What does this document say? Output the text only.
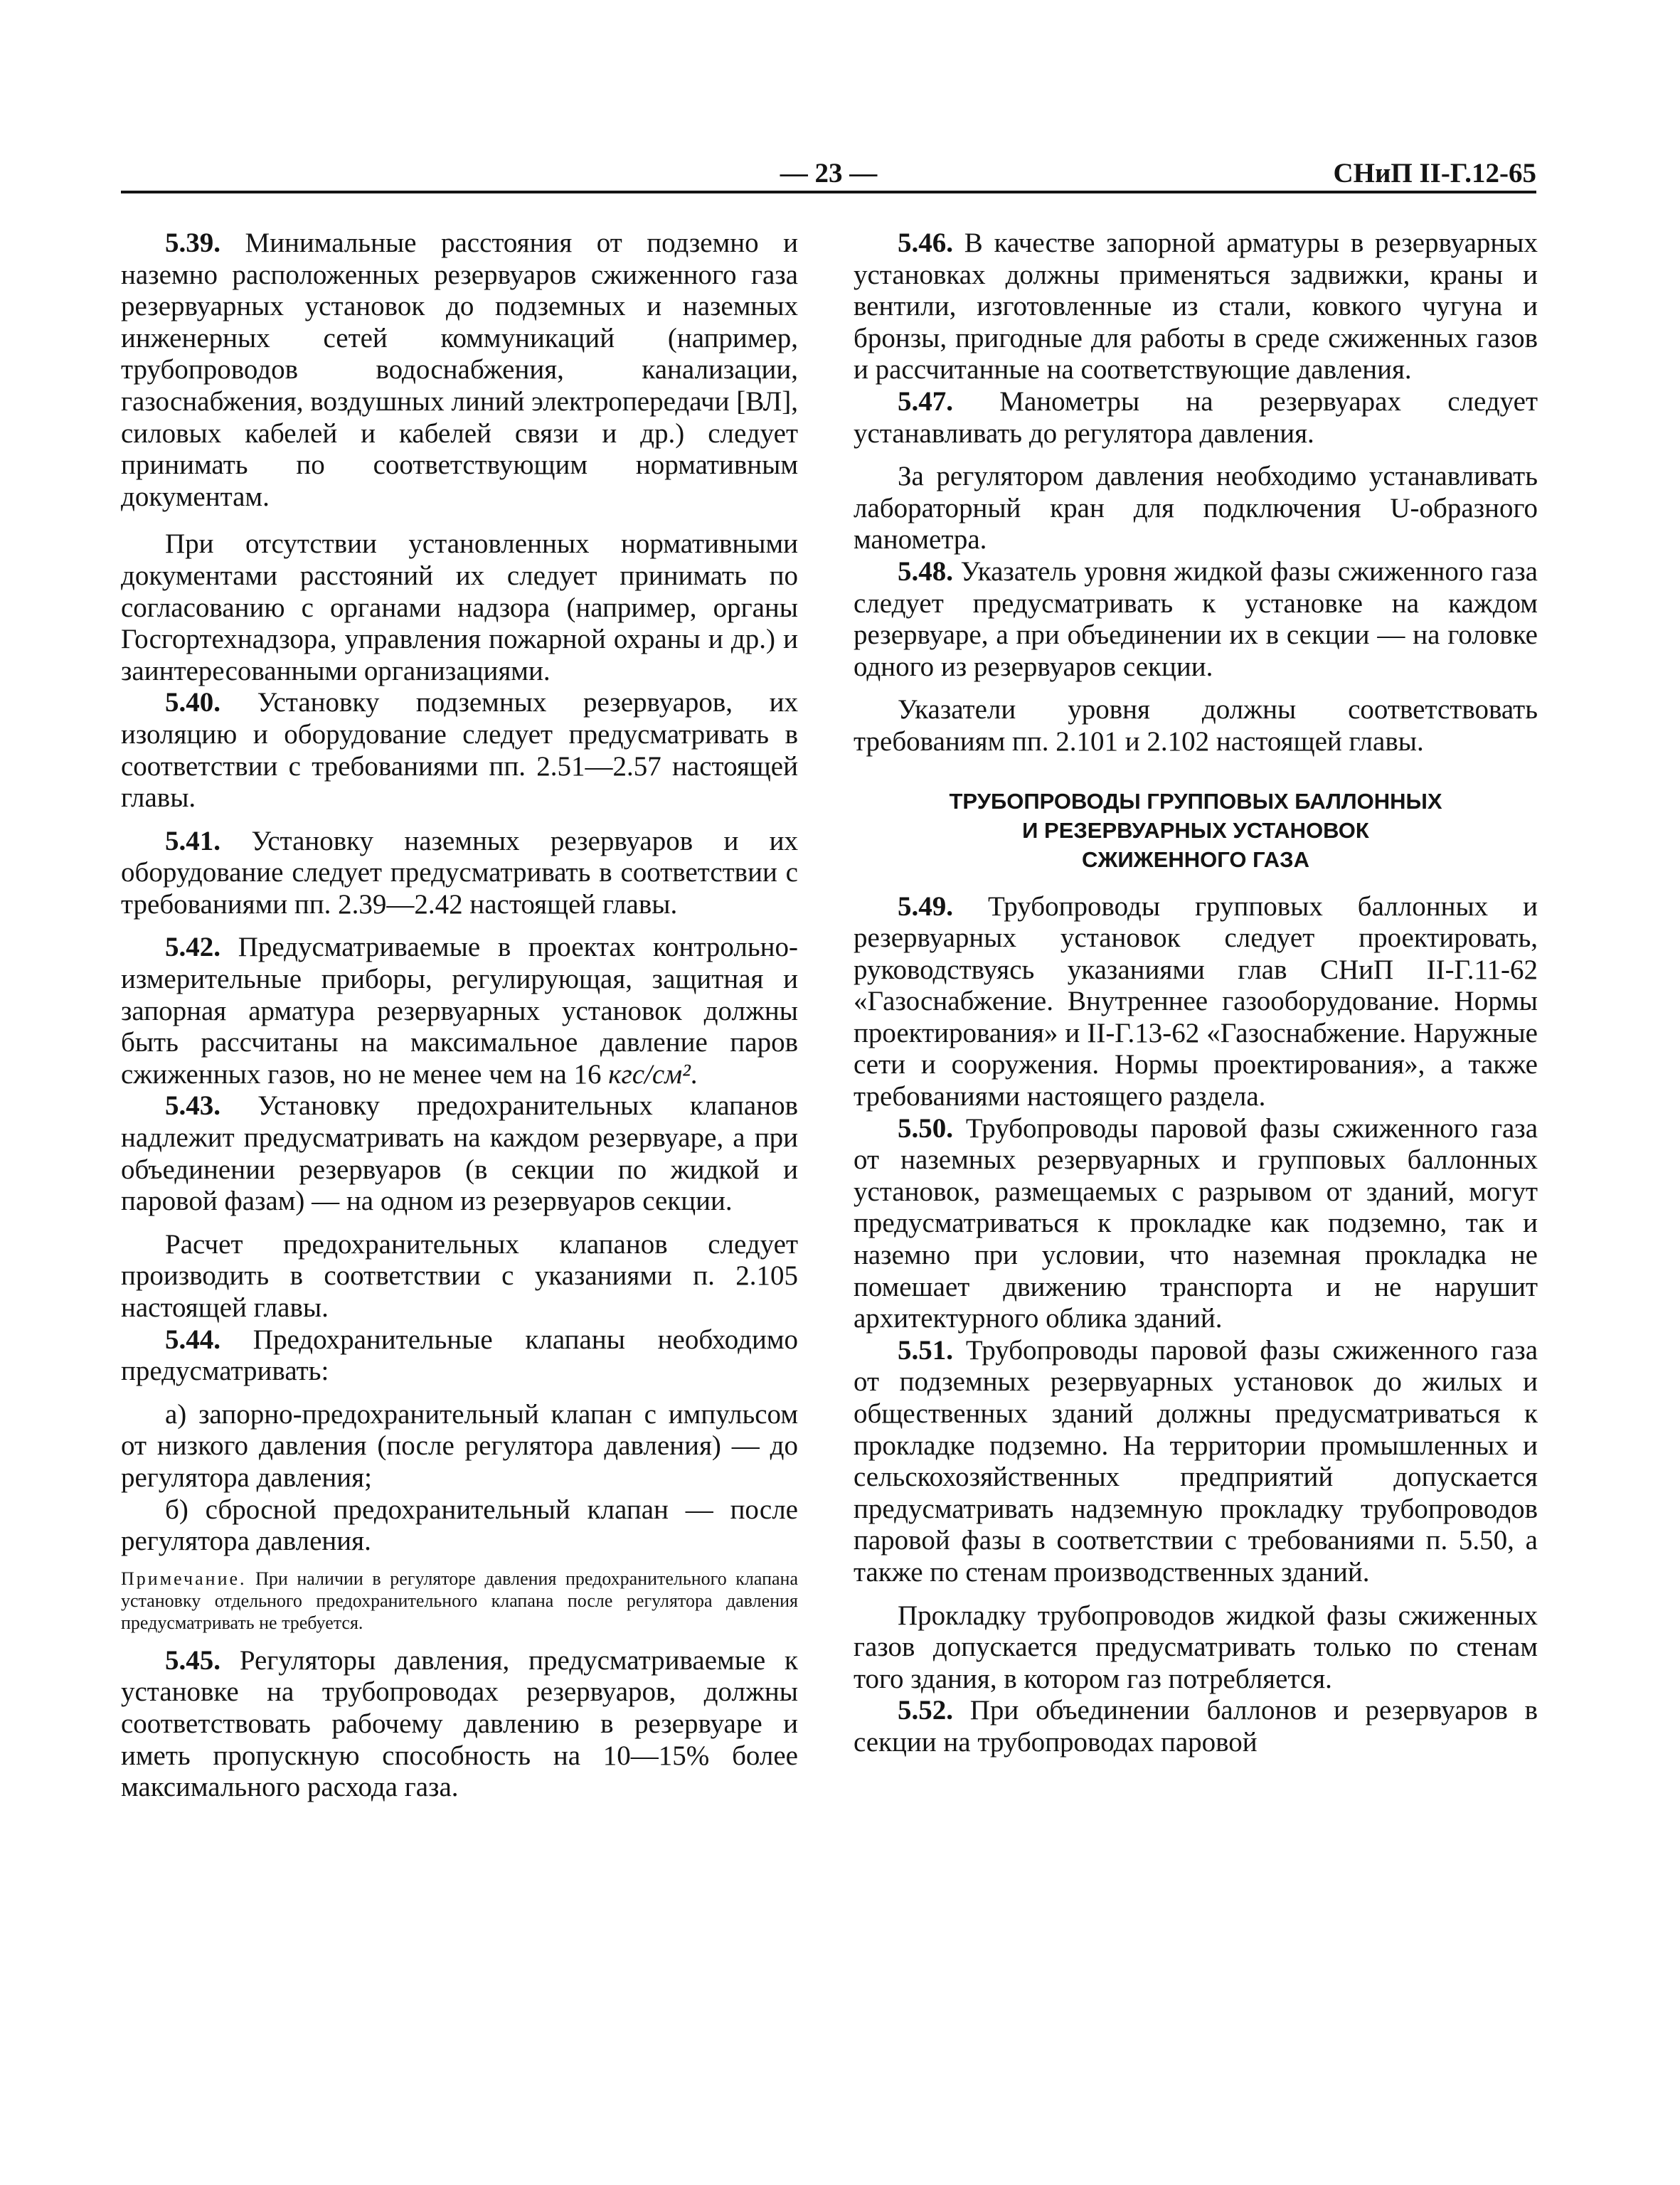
— 23 —	СНиП II-Г.12-65

5.39. Минимальные расстояния от подземно и наземно расположенных резервуаров сжиженного газа резервуарных установок до подземных и наземных инженерных сетей коммуникаций (например, трубопроводов водоснабжения, канализации, газоснабжения, воздушных линий электропередачи [ВЛ], силовых кабелей и кабелей связи и др.) следует принимать по соответствующим нормативным документам.

При отсутствии установленных нормативными документами расстояний их следует принимать по согласованию с органами надзора (например, органы Госгортехнадзора, управления пожарной охраны и др.) и заинтересованными организациями.

5.40. Установку подземных резервуаров, их изоляцию и оборудование следует предусматривать в соответствии с требованиями пп. 2.51—2.57 настоящей главы.

5.41. Установку наземных резервуаров и их оборудование следует предусматривать в соответствии с требованиями пп. 2.39—2.42 настоящей главы.

5.42. Предусматриваемые в проектах контрольно-измерительные приборы, регулирующая, защитная и запорная арматура резервуарных установок должны быть рассчитаны на максимальное давление паров сжиженных газов, но не менее чем на 16 кгс/см².

5.43. Установку предохранительных клапанов надлежит предусматривать на каждом резервуаре, а при объединении резервуаров (в секции по жидкой и паровой фазам) — на одном из резервуаров секции.

Расчет предохранительных клапанов следует производить в соответствии с указаниями п. 2.105 настоящей главы.

5.44. Предохранительные клапаны необходимо предусматривать:

а) запорно-предохранительный клапан с импульсом от низкого давления (после регулятора давления) — до регулятора давления;

б) сбросной предохранительный клапан — после регулятора давления.

Примечание. При наличии в регуляторе давления предохранительного клапана установку отдельного предохранительного клапана после регулятора давления предусматривать не требуется.

5.45. Регуляторы давления, предусматриваемые к установке на трубопроводах резервуаров, должны соответствовать рабочему давлению в резервуаре и иметь пропускную способность на 10—15% более максимального расхода газа.

5.46. В качестве запорной арматуры в резервуарных установках должны применяться задвижки, краны и вентили, изготовленные из стали, ковкого чугуна и бронзы, пригодные для работы в среде сжиженных газов и рассчитанные на соответствующие давления.

5.47. Манометры на резервуарах следует устанавливать до регулятора давления.

За регулятором давления необходимо устанавливать лабораторный кран для подключения U-образного манометра.

5.48. Указатель уровня жидкой фазы сжиженного газа следует предусматривать к установке на каждом резервуаре, а при объединении их в секции — на головке одного из резервуаров секции.

Указатели уровня должны соответствовать требованиям пп. 2.101 и 2.102 настоящей главы.

ТРУБОПРОВОДЫ ГРУППОВЫХ БАЛЛОННЫХ
И РЕЗЕРВУАРНЫХ УСТАНОВОК
СЖИЖЕННОГО ГАЗА

5.49. Трубопроводы групповых баллонных и резервуарных установок следует проектировать, руководствуясь указаниями глав СНиП II-Г.11-62 «Газоснабжение. Внутреннее газооборудование. Нормы проектирования» и II-Г.13-62 «Газоснабжение. Наружные сети и сооружения. Нормы проектирования», а также требованиями настоящего раздела.

5.50. Трубопроводы паровой фазы сжиженного газа от наземных резервуарных и групповых баллонных установок, размещаемых с разрывом от зданий, могут предусматриваться к прокладке как подземно, так и наземно при условии, что наземная прокладка не помешает движению транспорта и не нарушит архитектурного облика зданий.

5.51. Трубопроводы паровой фазы сжиженного газа от подземных резервуарных установок до жилых и общественных зданий должны предусматриваться к прокладке подземно. На территории промышленных и сельскохозяйственных предприятий допускается предусматривать надземную прокладку трубопроводов паровой фазы в соответствии с требованиями п. 5.50, а также по стенам производственных зданий.

Прокладку трубопроводов жидкой фазы сжиженных газов допускается предусматривать только по стенам того здания, в котором газ потребляется.

5.52. При объединении баллонов и резервуаров в секции на трубопроводах паровой
